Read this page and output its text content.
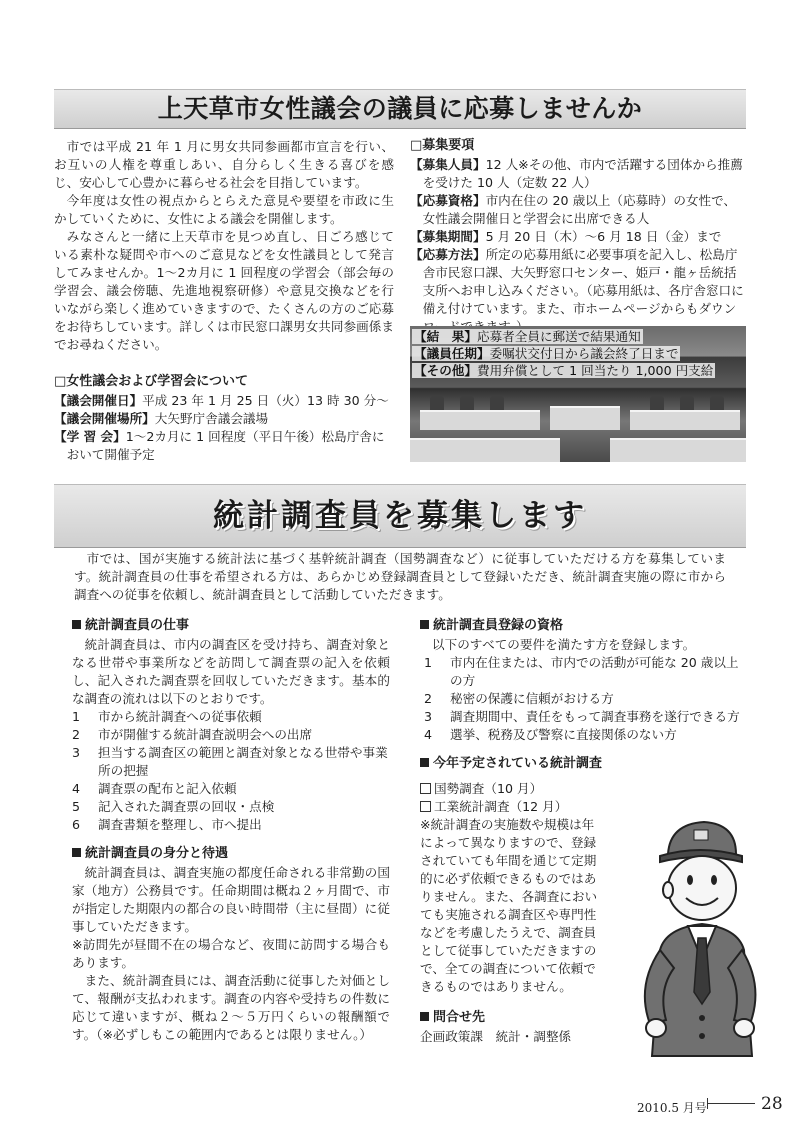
上天草市女性議会の議員に応募しませんか

市では平成 21 年 1 月に男女共同参画都市宣言を行い、お互いの人権を尊重しあい、自分らしく生きる喜びを感じ、安心して心豊かに暮らせる社会を目指しています。

今年度は女性の視点からとらえた意見や要望を市政に生かしていくために、女性による議会を開催します。

みなさんと一緒に上天草市を見つめ直し、日ごろ感じている素朴な疑問や市へのご意見などを女性議員として発言してみませんか。1～2カ月に 1 回程度の学習会（部会毎の学習会、議会傍聴、先進地視察研修）や意見交換などを行いながら楽しく進めていきますので、たくさんの方のご応募をお待ちしています。詳しくは市民窓口課男女共同参画係までお尋ねください。

□女性議会および学習会について

【議会開催日】平成 23 年 1 月 25 日（火）13 時 30 分～

【議会開催場所】大矢野庁舎議会議場

【学 習 会】1～2カ月に 1 回程度（平日午後）松島庁舎において開催予定

□募集要項

【募集人員】12 人※その他、市内で活躍する団体から推薦を受けた 10 人（定数 22 人）

【応募資格】市内在住の 20 歳以上（応募時）の女性で、女性議会開催日と学習会に出席できる人

【募集期間】5 月 20 日（木）～6 月 18 日（金）まで

【応募方法】所定の応募用紙に必要事項を記入し、松島庁舎市民窓口課、大矢野窓口センター、姫戸・龍ヶ岳統括支所へお申し込みください。（応募用紙は、各庁舎窓口に備え付けています。また、市ホームページからもダウン

【結　果】応募者全員に郵送で結果通知
【議員任期】委嘱状交付日から議会終了日まで
【その他】費用弁償として 1 回当たり 1,000 円支給
統計調査員を募集します

市では、国が実施する統計法に基づく基幹統計調査（国勢調査など）に従事していただける方を募集しています。統計調査員の仕事を希望される方は、あらかじめ登録調査員として登録いただき、統計調査実施の際に市から調査への従事を依頼し、統計調査員として活動していただきます。

統計調査員の仕事

統計調査員は、市内の調査区を受け持ち、調査対象となる世帯や事業所などを訪問して調査票の記入を依頼し、記入された調査票を回収していただきます。基本的な調査の流れは以下のとおりです。

1 市から統計調査への従事依頼
2 市が開催する統計調査説明会への出席
3 担当する調査区の範囲と調査対象となる世帯や事業所の把握
4 調査票の配布と記入依頼
5 記入された調査票の回収・点検
6 調査書類を整理し、市へ提出

統計調査員の身分と待遇

統計調査員は、調査実施の都度任命される非常勤の国家（地方）公務員です。任命期間は概ね２ヶ月間で、市が指定した期限内の都合の良い時間帯（主に昼間）に従事していただきます。

※訪問先が昼間不在の場合など、夜間に訪問する場合もあります。

また、統計調査員には、調査活動に従事した対価として、報酬が支払われます。調査の内容や受持ちの件数に応じて違いますが、概ね２～５万円くらいの報酬額です。（※必ずしもこの範囲内であるとは限りません。）

統計調査員登録の資格

以下のすべての要件を満たす方を登録します。

1 市内在住または、市内での活動が可能な 20 歳以上の方
2 秘密の保護に信頼がおける方
3 調査期間中、責任をもって調査事務を遂行できる方
4 選挙、税務及び警察に直接関係のない方

今年予定されている統計調査

国勢調査（10 月）

工業統計調査（12 月）

※統計調査の実施数や規模は年

によって異なりますので、登録

されていても年間を通じて定期

的に必ず依頼できるものではあ

りません。また、各調査におい

ても実施される調査区や専門性

などを考慮したうえで、調査員

として従事していただきますの

で、全ての調査について依頼で

きるものではありません。

問合せ先

企画政策課　統計・調整係

2010.5 月号	28
